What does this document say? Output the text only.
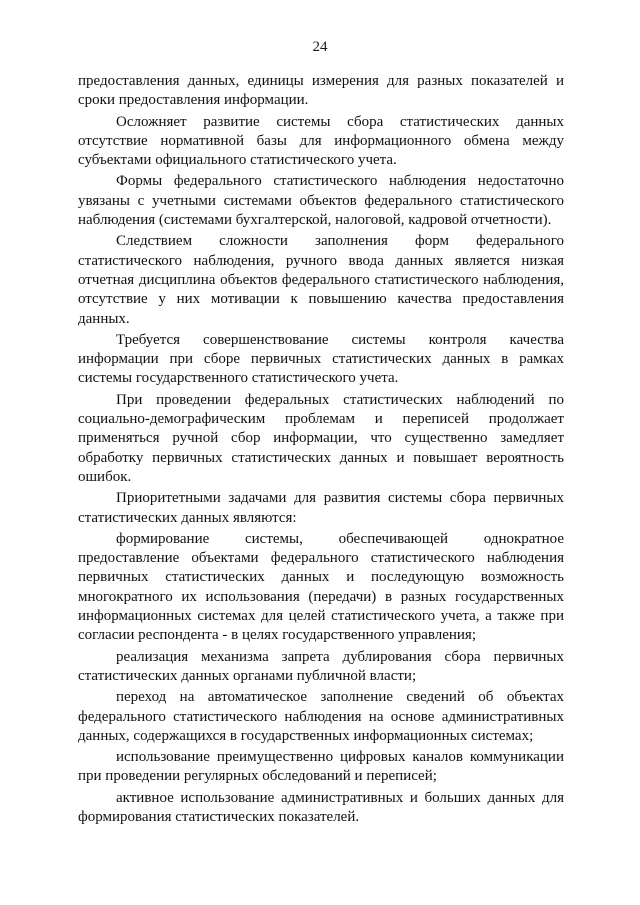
24

предоставления данных, единицы измерения для разных показателей и сроки предоставления информации.

Осложняет развитие системы сбора статистических данных отсутствие нормативной базы для информационного обмена между субъектами официального статистического учета.

Формы федерального статистического наблюдения недостаточно увязаны с учетными системами объектов федерального статистического наблюдения (системами бухгалтерской, налоговой, кадровой отчетности).

Следствием сложности заполнения форм федерального статистического наблюдения, ручного ввода данных является низкая отчетная дисциплина объектов федерального статистического наблюдения, отсутствие у них мотивации к повышению качества предоставления данных.

Требуется совершенствование системы контроля качества информации при сборе первичных статистических данных в рамках системы государственного статистического учета.

При проведении федеральных статистических наблюдений по социально-демографическим проблемам и переписей продолжает применяться ручной сбор информации, что существенно замедляет обработку первичных статистических данных и повышает вероятность ошибок.

Приоритетными задачами для развития системы сбора первичных статистических данных являются:

формирование системы, обеспечивающей однократное предоставление объектами федерального статистического наблюдения первичных статистических данных и последующую возможность многократного их использования (передачи) в разных государственных информационных системах для целей статистического учета, а также при согласии респондента - в целях государственного управления;

реализация механизма запрета дублирования сбора первичных статистических данных органами публичной власти;

переход на автоматическое заполнение сведений об объектах федерального статистического наблюдения на основе административных данных, содержащихся в государственных информационных системах;

использование преимущественно цифровых каналов коммуникации при проведении регулярных обследований и переписей;

активное использование административных и больших данных для формирования статистических показателей.
